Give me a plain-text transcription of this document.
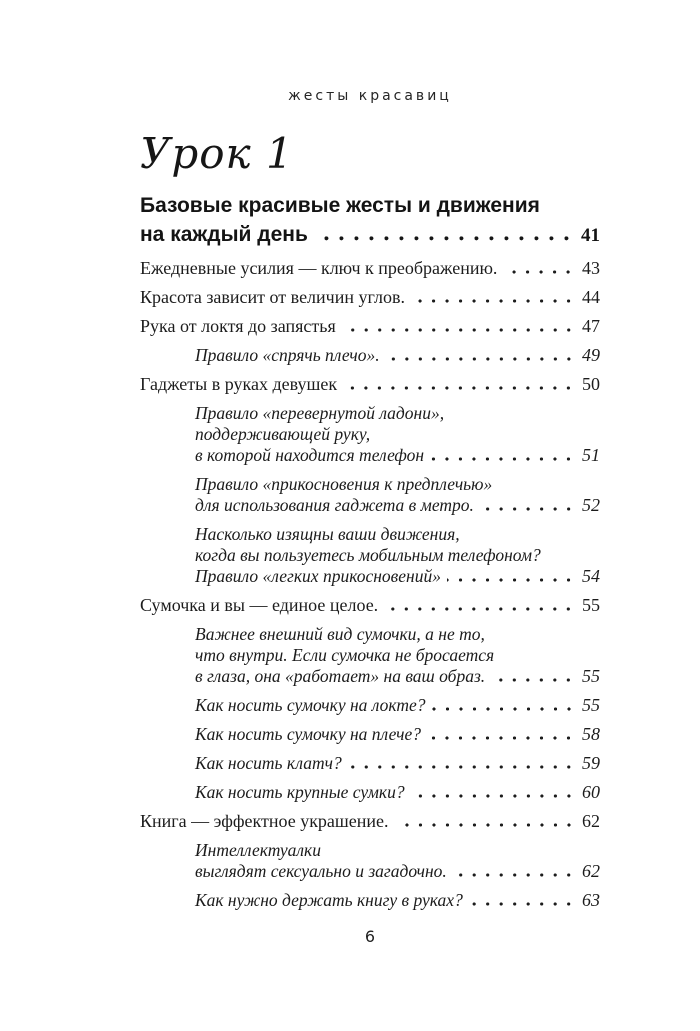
жесты красавиц
Урок 1
Базовые красивые жесты и движения
на каждый день	41
Ежедневные усилия — ключ к преображению.	43
Красота зависит от величин углов.	44
Рука от локтя до запястья	47
Правило «спрячь плечо».	49
Гаджеты в руках девушек	50
Правило «перевернутой ладони»,
поддерживающей руку,
в которой находится телефон	51
Правило «прикосновения к предплечью»
для использования гаджета в метро.	52
Насколько изящны ваши движения,
когда вы пользуетесь мобильным телефоном?
Правило «легких прикосновений»	54
Сумочка и вы — единое целое.	55
Важнее внешний вид сумочки, а не то,
что внутри. Если сумочка не бросается
в глаза, она «работает» на ваш образ.	55
Как носить сумочку на локте?	55
Как носить сумочку на плече?	58
Как носить клатч?	59
Как носить крупные сумки?	60
Книга — эффектное украшение.	62
Интеллектуалки
выглядят сексуально и загадочно.	62
Как нужно держать книгу в руках?	63
6
